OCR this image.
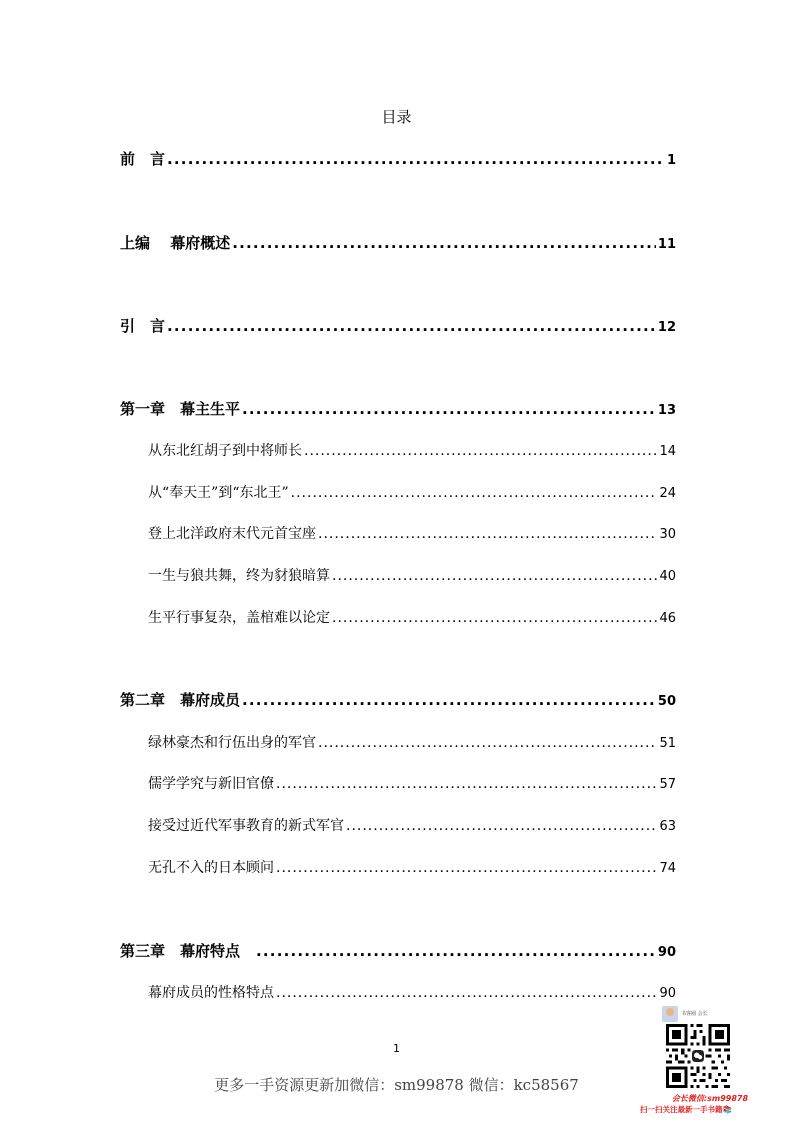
目录
前　言 .....	1
上编　 幕府概述 .....	11
引　言 .....	12
第一章　幕主生平 .....	13
从东北红胡子到中将师长 .....	14
从“奉天王”到“东北王” .....	24
登上北洋政府末代元首宝座 .....	30
一生与狼共舞，终为豺狼暗算 .....	40
生平行事复杂，盖棺难以论定 .....	46
第二章　幕府成员 .....	50
绿林豪杰和行伍出身的军官 .....	51
儒学学究与新旧官僚 .....	57
接受过近代军事教育的新式军官 .....	63
无孔不入的日本顾问 .....	74
第三章　幕府特点 .....	90
幕府成员的性格特点 .....	90
1
更多一手资源更新加微信：sm99878 微信：kc58567
书客圈 会长
会长微信:sm99878
扫一扫关注最新一手书籍📚
